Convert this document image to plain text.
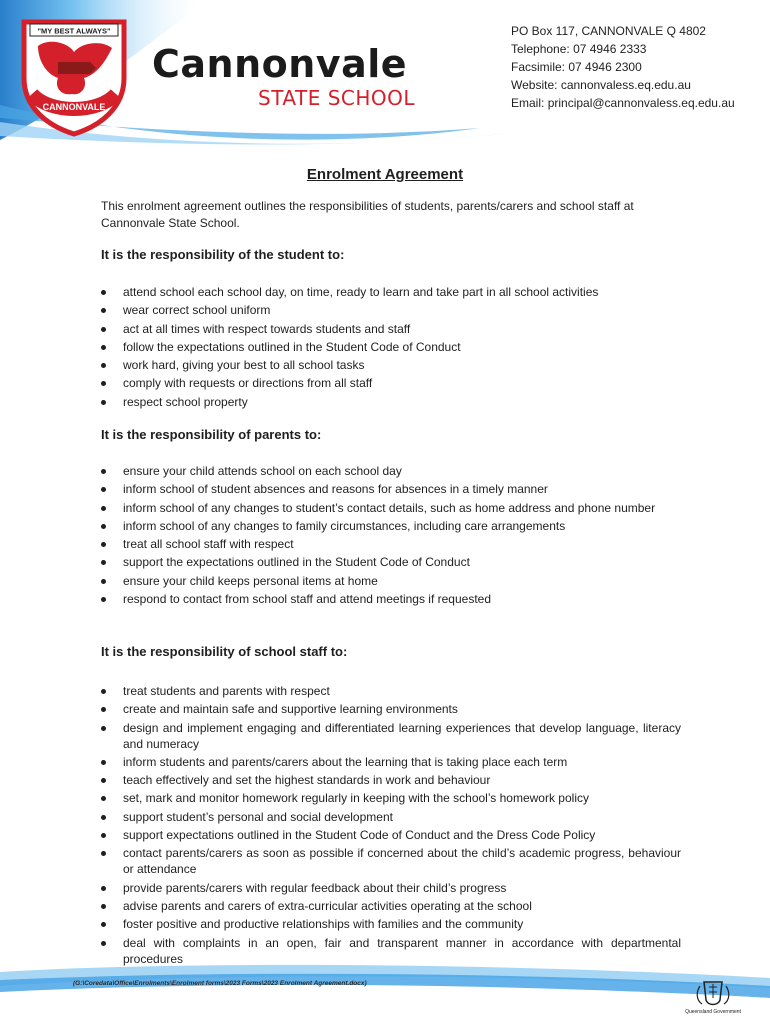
"MY BEST ALWAYS"
CANNONVALE
Cannonvale
STATE SCHOOL
PO Box 117, CANNONVALE Q 4802
Telephone: 07 4946 2333
Facsimile: 07 4946 2300
Website: cannonvaless.eq.edu.au
Email: principal@cannonvaless.eq.edu.au
Enrolment Agreement
This enrolment agreement outlines the responsibilities of students, parents/carers and school staff at Cannonvale State School.
It is the responsibility of the student to:
attend school each school day, on time, ready to learn and take part in all school activities
wear correct school uniform
act at all times with respect towards students and staff
follow the expectations outlined in the Student Code of Conduct
work hard, giving your best to all school tasks
comply with requests or directions from all staff
respect school property
It is the responsibility of parents to:
ensure your child attends school on each school day
inform school of student absences and reasons for absences in a timely manner
inform school of any changes to student’s contact details, such as home address and phone number
inform school of any changes to family circumstances, including care arrangements
treat all school staff with respect
support the expectations outlined in the Student Code of Conduct
ensure your child keeps personal items at home
respond to contact from school staff and attend meetings if requested
It is the responsibility of school staff to:
treat students and parents with respect
create and maintain safe and supportive learning environments
design and implement engaging and differentiated learning experiences that develop language, literacy and numeracy
inform students and parents/carers about the learning that is taking place each term
teach effectively and set the highest standards in work and behaviour
set, mark and monitor homework regularly in keeping with the school’s homework policy
support student’s personal and social development
support expectations outlined in the Student Code of Conduct and the Dress Code Policy
contact parents/carers as soon as possible if concerned about the child’s academic progress, behaviour or attendance
provide parents/carers with regular feedback about their child’s progress
advise parents and carers of extra-curricular activities operating at the school
foster positive and productive relationships with families and the community
deal with complaints in an open, fair and transparent manner in accordance with departmental procedures
(G:\Coredata\Office\Enrolments\Enrolment forms\2023 Forms\2023 Enrolment Agreement.docx)
Queensland Government
